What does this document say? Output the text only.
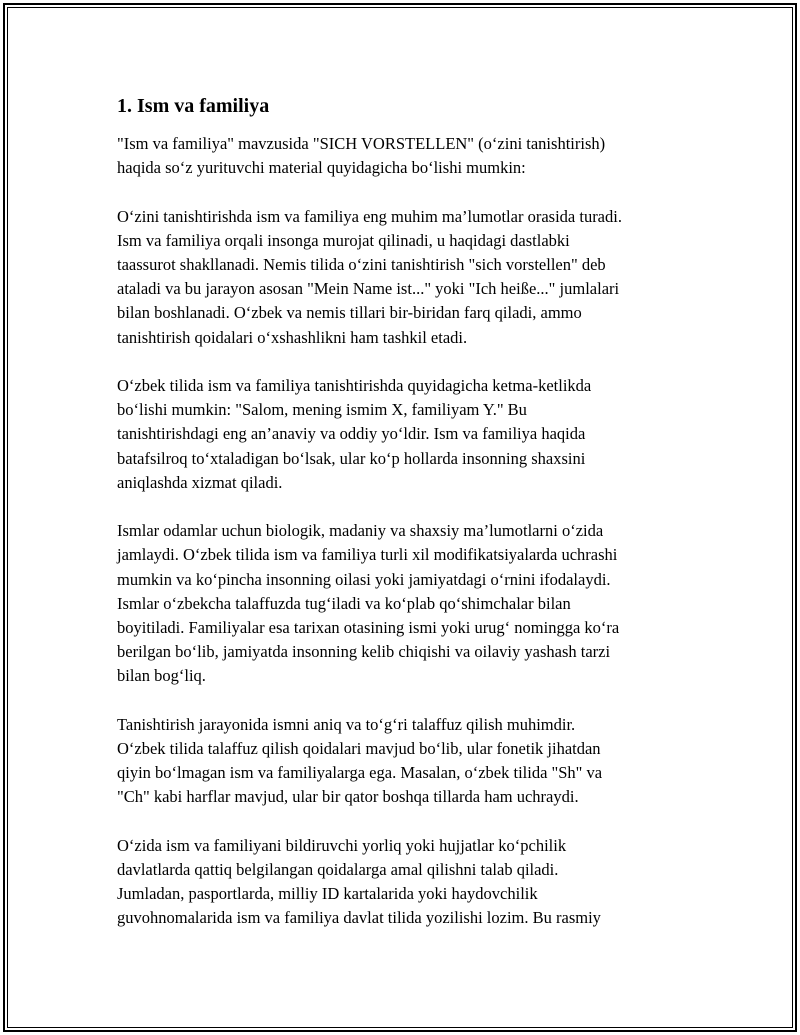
1. Ism va familiya

"Ism va familiya" mavzusida "SICH VORSTELLEN" (o‘zini tanishtirish)
haqida so‘z yurituvchi material quyidagicha bo‘lishi mumkin:

O‘zini tanishtirishda ism va familiya eng muhim ma’lumotlar orasida turadi.
Ism va familiya orqali insonga murojat qilinadi, u haqidagi dastlabki
taassurot shakllanadi. Nemis tilida o‘zini tanishtirish "sich vorstellen" deb
ataladi va bu jarayon asosan "Mein Name ist..." yoki "Ich heiße..." jumlalari
bilan boshlanadi. O‘zbek va nemis tillari bir-biridan farq qiladi, ammo
tanishtirish qoidalari o‘xshashlikni ham tashkil etadi.

O‘zbek tilida ism va familiya tanishtirishda quyidagicha ketma-ketlikda
bo‘lishi mumkin: "Salom, mening ismim X, familiyam Y." Bu
tanishtirishdagi eng an’anaviy va oddiy yo‘ldir. Ism va familiya haqida
batafsilroq to‘xtaladigan bo‘lsak, ular ko‘p hollarda insonning shaxsini
aniqlashda xizmat qiladi.

Ismlar odamlar uchun biologik, madaniy va shaxsiy ma’lumotlarni o‘zida
jamlaydi. O‘zbek tilida ism va familiya turli xil modifikatsiyalarda uchrashi
mumkin va ko‘pincha insonning oilasi yoki jamiyatdagi o‘rnini ifodalaydi.
Ismlar o‘zbekcha talaffuzda tug‘iladi va ko‘plab qo‘shimchalar bilan
boyitiladi. Familiyalar esa tarixan otasining ismi yoki urug‘ nomingga ko‘ra
berilgan bo‘lib, jamiyatda insonning kelib chiqishi va oilaviy yashash tarzi
bilan bog‘liq.

Tanishtirish jarayonida ismni aniq va to‘g‘ri talaffuz qilish muhimdir.
O‘zbek tilida talaffuz qilish qoidalari mavjud bo‘lib, ular fonetik jihatdan
qiyin bo‘lmagan ism va familiyalarga ega. Masalan, o‘zbek tilida "Sh" va
"Ch" kabi harflar mavjud, ular bir qator boshqa tillarda ham uchraydi.

O‘zida ism va familiyani bildiruvchi yorliq yoki hujjatlar ko‘pchilik
davlatlarda qattiq belgilangan qoidalarga amal qilishni talab qiladi.
Jumladan, pasportlarda, milliy ID kartalarida yoki haydovchilik
guvohnomalarida ism va familiya davlat tilida yozilishi lozim. Bu rasmiy
